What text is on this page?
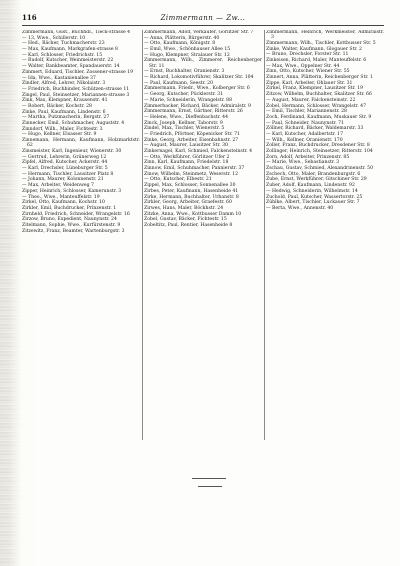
116	Zimmermann — Zw...

Zimmermann, Gust., Buchhdl., Tieck-strasse 4

— 13, Wwe., Schillerstr. 10

— Hed., Bäcker, Tuchmacherstr. 23

— Max, Kaufmann, Markgrafen-strasse 8

— Karl, Schlosser, Friedrichstr. 15

— Rudolf, Kutscher, Weinmeisterstr. 22

— Walter, Bankbeamter, Spandauerstr. 14

Zimmert, Eduard, Tischler, Zossener-strasse 19

— Ida, Wwe., Kastanienallee 37

Zindler, Alfred, Lehrer, Nikolaistr. 3

— Friedrich, Buchbinder, Schützen-strasse 11

Zingel, Paul, Steinsetzer, Mariannen-strasse 3

Zink, Max, Klempner, Krausenstr. 41

— Robert, Bäcker, Kochstr. 28

Zinke, Paul, Kaufmann, Lindenstr. 6

— Martha, Putzmacherin, Bergstr. 27

Zinnecker, Emil, Schuhmacher, Auguststr. 4

Zinndorf, Wilh., Maler, Fichtestr. 3

— Hugo, Kellner, Elsasser Str. 9

Zinnemann, Hermann, Kaufmann, Holzmarktstr. 62

Zinsmeister, Karl, Ingenieur, Wienerstr. 30

— Gertrud, Lehrerin, Grünerweg 12

Zipfel, Alfred, Kutscher, Ackerstr. 44

— Karl, Drechsler, Lüneburger Str. 5

— Hermann, Tischler, Lausitzer Platz 8

— Johann, Maurer, Kolonnenstr. 21

— Max, Arbeiter, Weidenweg 7

Zipper, Heinrich, Schlosser, Kamerunstr. 3

— Theo., Wwe., Manteuffelstr. 19

Zirkel, Otto, Kaufmann, Kochstr. 10

Zirkler, Emil, Buchdrucker, Prinzenstr. 1

Zirnheld, Friedrich, Schneider, Wrangelstr. 16

Zirzow, Bruno, Expedient, Naunynstr. 24

Zitelmann, Sophie, Wwe., Kurfürstenstr. 9

Zitzewitz, Franz, Beamter, Wartenburgstr. 3

Zimmermann, Adolf, Verkäufer, Görlitzer Str. 7

— Anna, Plätterin, Bürgerstr. 40

— Otto, Kaufmann, Königstr. 8

— Emil, Wwe., Schönhauser Allee 15

— Hugo, Klempner, Stralauer Str. 12

Zimmermann, Wilh., Zimmerer, Reichenberger Str. 11

— Ernst, Buchhalter, Oranienstr. 3

— Richard, Lokomotivführer, Skalitzer Str. 104

— Paul, Kaufmann, Seestr. 20

Zimmermann, Friedr., Wwe., Kolberger Str. 6

— Georg, Kutscher, Pücklerstr. 31

— Marie, Schneiderin, Wrangelstr. 88

Zimmerhacker, Richard, Bäcker, Admiralstr. 9

Zimmermann, Ernst, Gärtner, Ritterstr. 26

— Helene, Wwe., Dieffenbachstr. 44

Zinck, Joseph, Kellner, Taborstr. 9

Zindel, Max, Tischler, Wienerstr. 5

— Friedrich, Pförtner, Köpenicker Str. 71

Zinke, Georg, Arbeiter, Eisenbahnstr. 27

— August, Maurer, Lausitzer Str. 30

Zinkernagel, Karl, Schmied, Falckensteinstr. 4

— Otto, Werkführer, Görlitzer Ufer 2

Zinn, Karl, Kaufmann, Friedelstr. 18

Zinnow, Emil, Schuhmacher, Pannierstr. 37

Zinow, Wilhelm, Steinmetz, Weserstr. 12

— Otto, Kutscher, Elbestr. 21

Zippel, Max, Schlosser, Sonnenallee 30

Zirbes, Peter, Kaufmann, Hasenheide 41

Zirke, Hermann, Buchhalter, Urbanstr. 8

Zirkler, Georg, Arbeiter, Graefestr. 60

Zirwes, Hans, Maler, Böckhstr. 24

Zitzke, Anna, Wwe., Kottbusser Damm 10

Zobel, Gustav, Bäcker, Fichtestr. 15

Zobeltitz, Paul, Rentier, Hasenheide 8

Zimmermann, Heinrich, Werkmeister, Admiralstr. 3

Zimmermann, Wilh., Tischler, Kottbusser Str. 5

Zinke, Walter, Kaufmann, Glogauer Str. 2

— Bruno, Drechsler, Forster Str. 11

Zinkeisen, Richard, Maler, Manteuffelstr. 6

— Max, Wwe., Oppelner Str. 44

Zinn, Otto, Kutscher, Wiener Str. 55

Zinnert, Anna, Plätterin, Reichenberger Str. 1

Zippe, Karl, Arbeiter, Ohlauer Str. 31

Zirkel, Franz, Klempner, Lausitzer Str. 19

Zitzow, Wilhelm, Buchhalter, Skalitzer Str. 66

— August, Maurer, Falckensteinstr. 22

Zobel, Hermann, Schlosser, Wrangelstr. 47

— Emil, Tischler, Mariannenstr. 28

Zoch, Ferdinand, Kaufmann, Muskauer Str. 9

— Paul, Schneider, Naunynstr. 71

Zöllner, Richard, Bäcker, Waldemarstr. 33

— Karl, Kutscher, Adalbertstr. 17

— Wilh., Kellner, Oranienstr. 170

Zoller, Franz, Buchdrucker, Dresdener Str. 8

Zollinger, Heinrich, Steinsetzer, Ritterstr. 104

Zorn, Adolf, Arbeiter, Prinzenstr. 85

— Marie, Wwe., Sebastianstr. 3

Zschau, Gustav, Schmied, Alexandrinenstr. 50

Zschech, Otto, Maler, Brandenburgstr. 6

Zube, Ernst, Werkführer, Gitschiner Str. 29

Zuber, Adolf, Kaufmann, Lindenstr. 92

— Hedwig, Schneiderin, Wilhelmstr. 14

Zuchold, Paul, Kutscher, Wassertorstr. 25

Zühlke, Albert, Tischler, Luckauer Str. 7

— Berta, Wwe., Annenstr. 40
